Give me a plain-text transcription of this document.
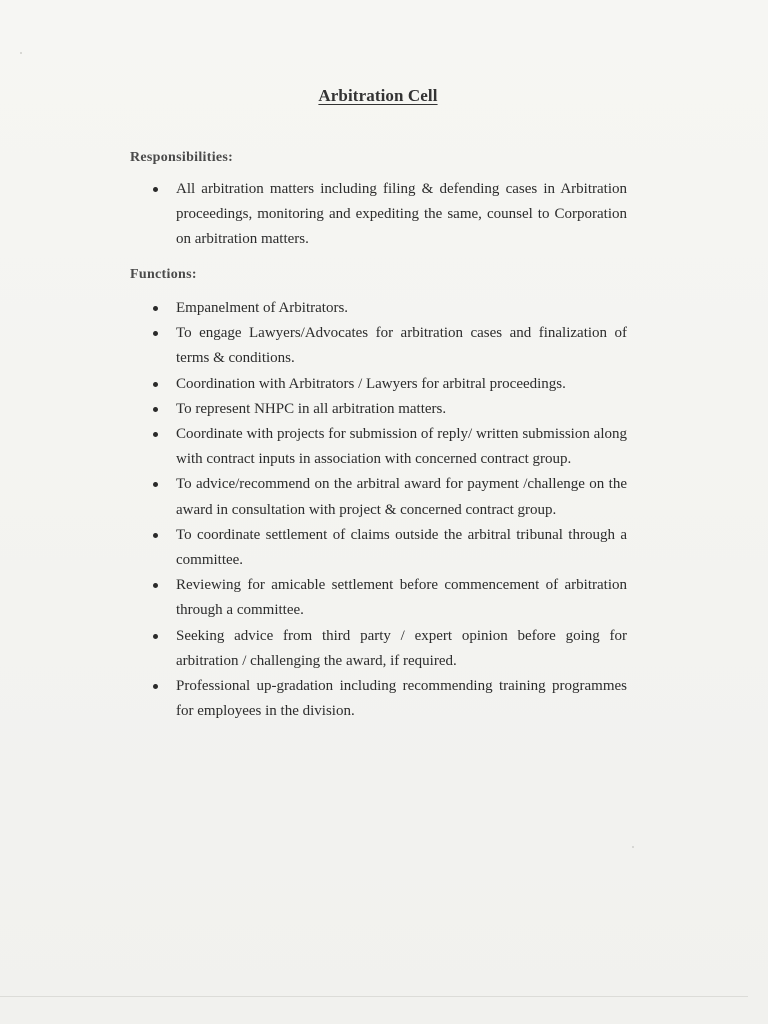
Arbitration Cell
Responsibilities:
All arbitration matters including filing & defending cases in Arbitration proceedings, monitoring and expediting the same, counsel to Corporation on arbitration matters.
Functions:
Empanelment of Arbitrators.
To engage Lawyers/Advocates for arbitration cases and finalization of terms & conditions.
Coordination with Arbitrators / Lawyers for arbitral proceedings.
To represent NHPC in all arbitration matters.
Coordinate with projects for submission of reply/ written submission along with contract inputs in association with concerned contract group.
To advice/recommend on the arbitral award for payment /challenge on the award in consultation with project & concerned contract group.
To coordinate settlement of claims outside the arbitral tribunal through a committee.
Reviewing for amicable settlement before commencement of arbitration through a committee.
Seeking advice from third party / expert opinion before going for arbitration / challenging the award, if required.
Professional up-gradation including recommending training programmes for employees in the division.
